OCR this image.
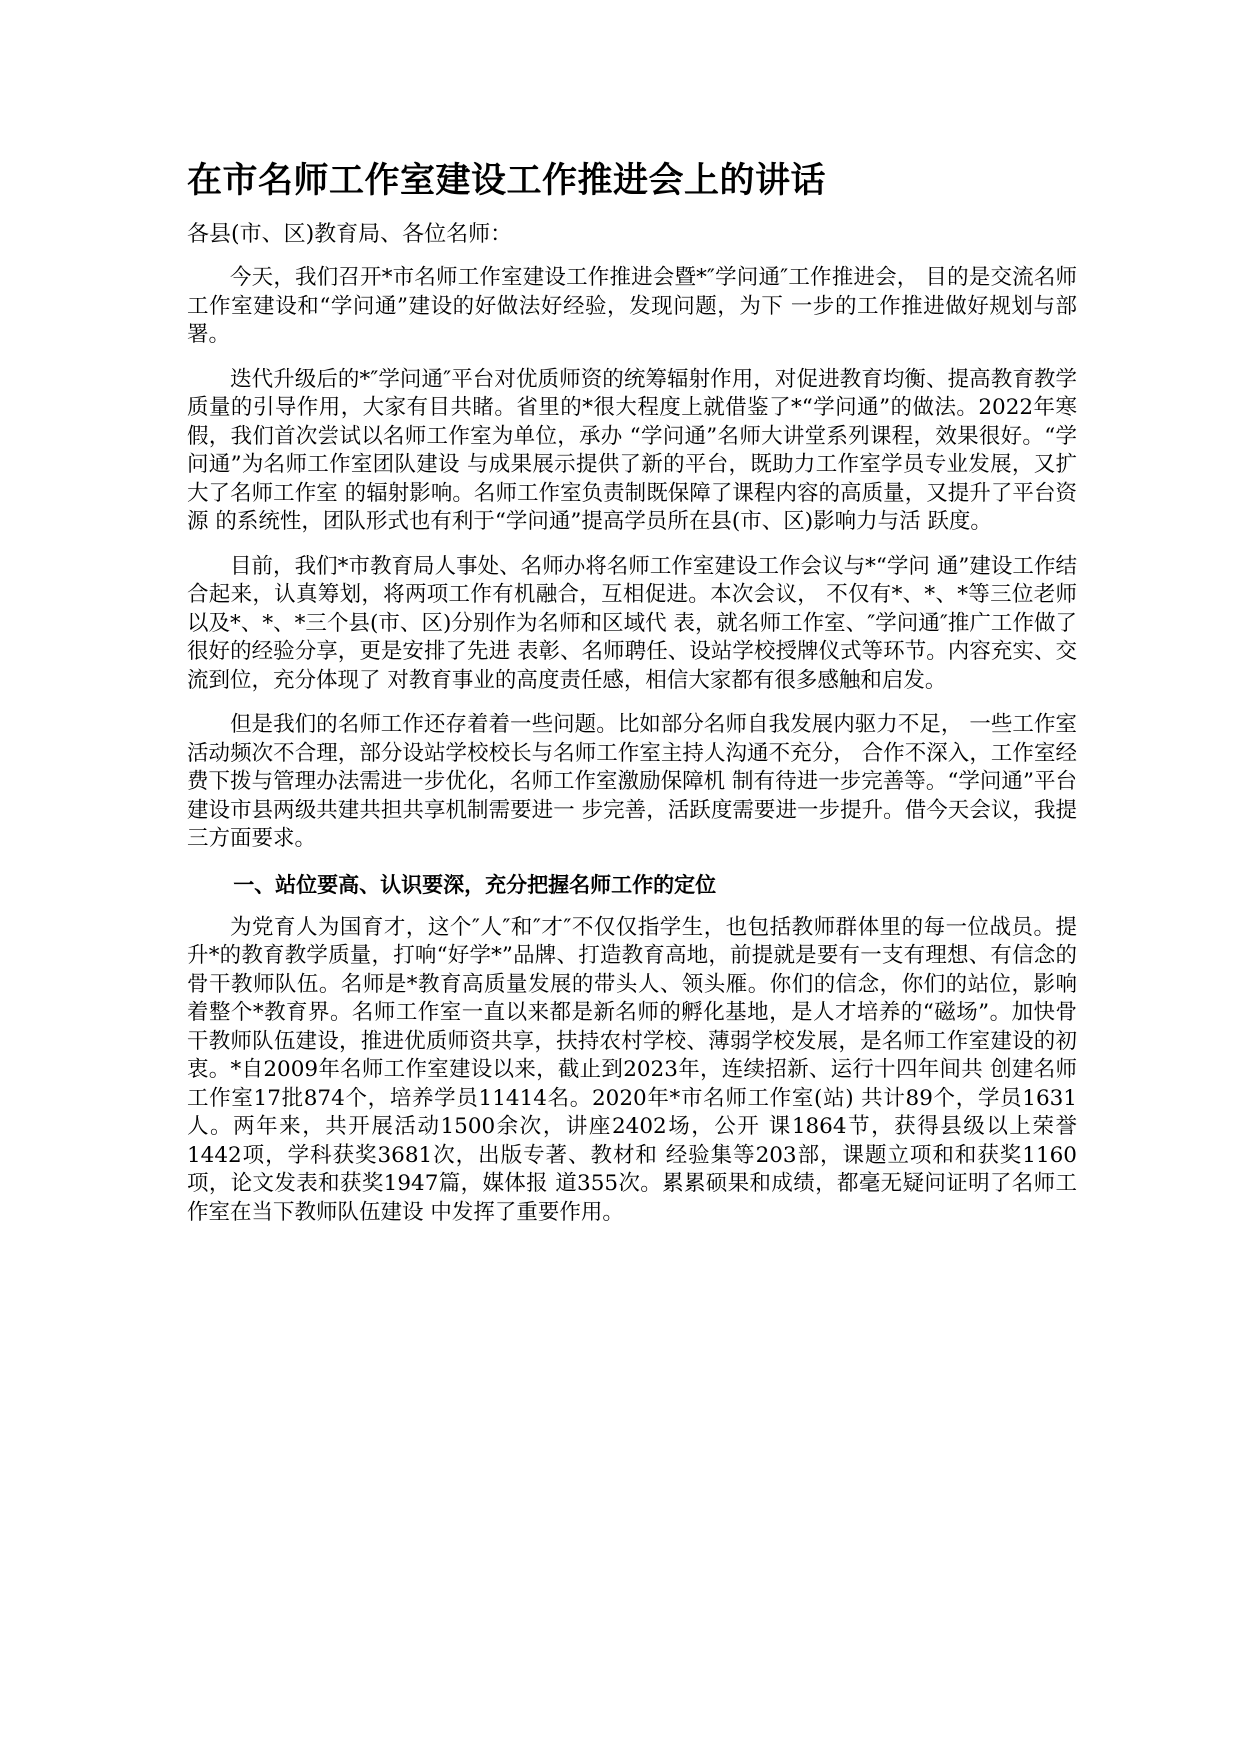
在市名师工作室建设工作推进会上的讲话

各县(市、区)教育局、各位名师：

今天，我们召开*市名师工作室建设工作推进会暨*″学问通″工作推进会， 目的是交流名师工作室建设和“学问通”建设的好做法好经验，发现问题，为下 一步的工作推进做好规划与部署。

迭代升级后的*″学问通″平台对优质师资的统筹辐射作用，对促进教育均衡、提高教育教学质量的引导作用，大家有目共睹。省里的*很大程度上就借鉴了*“学问通”的做法。2022年寒假，我们首次尝试以名师工作室为单位，承办 “学问通”名师大讲堂系列课程，效果很好。“学问通”为名师工作室团队建设 与成果展示提供了新的平台，既助力工作室学员专业发展，又扩大了名师工作室 的辐射影响。名师工作室负责制既保障了课程内容的高质量，又提升了平台资源 的系统性，团队形式也有利于“学问通”提高学员所在县(市、区)影响力与活 跃度。

目前，我们*市教育局人事处、名师办将名师工作室建设工作会议与*“学问 通”建设工作结合起来，认真筹划，将两项工作有机融合，互相促进。本次会议， 不仅有*、*、*等三位老师以及*、*、*三个县(市、区)分别作为名师和区域代 表，就名师工作室、″学问通″推广工作做了很好的经验分享，更是安排了先进 表彰、名师聘任、设站学校授牌仪式等环节。内容充实、交流到位，充分体现了 对教育事业的高度责任感，相信大家都有很多感触和启发。

但是我们的名师工作还存着着一些问题。比如部分名师自我发展内驱力不足， 一些工作室活动频次不合理，部分设站学校校长与名师工作室主持人沟通不充分， 合作不深入，工作室经费下拨与管理办法需进一步优化，名师工作室激励保障机 制有待进一步完善等。“学问通”平台建设市县两级共建共担共享机制需要进一 步完善，活跃度需要进一步提升。借今天会议，我提三方面要求。

一、站位要高、认识要深，充分把握名师工作的定位

为党育人为国育才，这个″人″和″才″不仅仅指学生，也包括教师群体里的每一位战员。提升*的教育教学质量，打响“好学*”品牌、打造教育高地，前提就是要有一支有理想、有信念的骨干教师队伍。名师是*教育高质量发展的带头人、领头雁。你们的信念，你们的站位，影响着整个*教育界。名师工作室一直以来都是新名师的孵化基地，是人才培养的“磁场”。加快骨干教师队伍建设，推进优质师资共享，扶持农村学校、薄弱学校发展，是名师工作室建设的初衷。*自2009年名师工作室建设以来，截止到2023年，连续招新、运行十四年间共 创建名师工作室17批874个，培养学员11414名。2020年*市名师工作室(站) 共计89个，学员1631人。两年来，共开展活动1500余次，讲座2402场，公开 课1864节，获得县级以上荣誉1442项，学科获奖3681次，出版专著、教材和 经验集等203部，课题立项和和获奖1160项，论文发表和获奖1947篇，媒体报 道355次。累累硕果和成绩，都毫无疑问证明了名师工作室在当下教师队伍建设 中发挥了重要作用。
